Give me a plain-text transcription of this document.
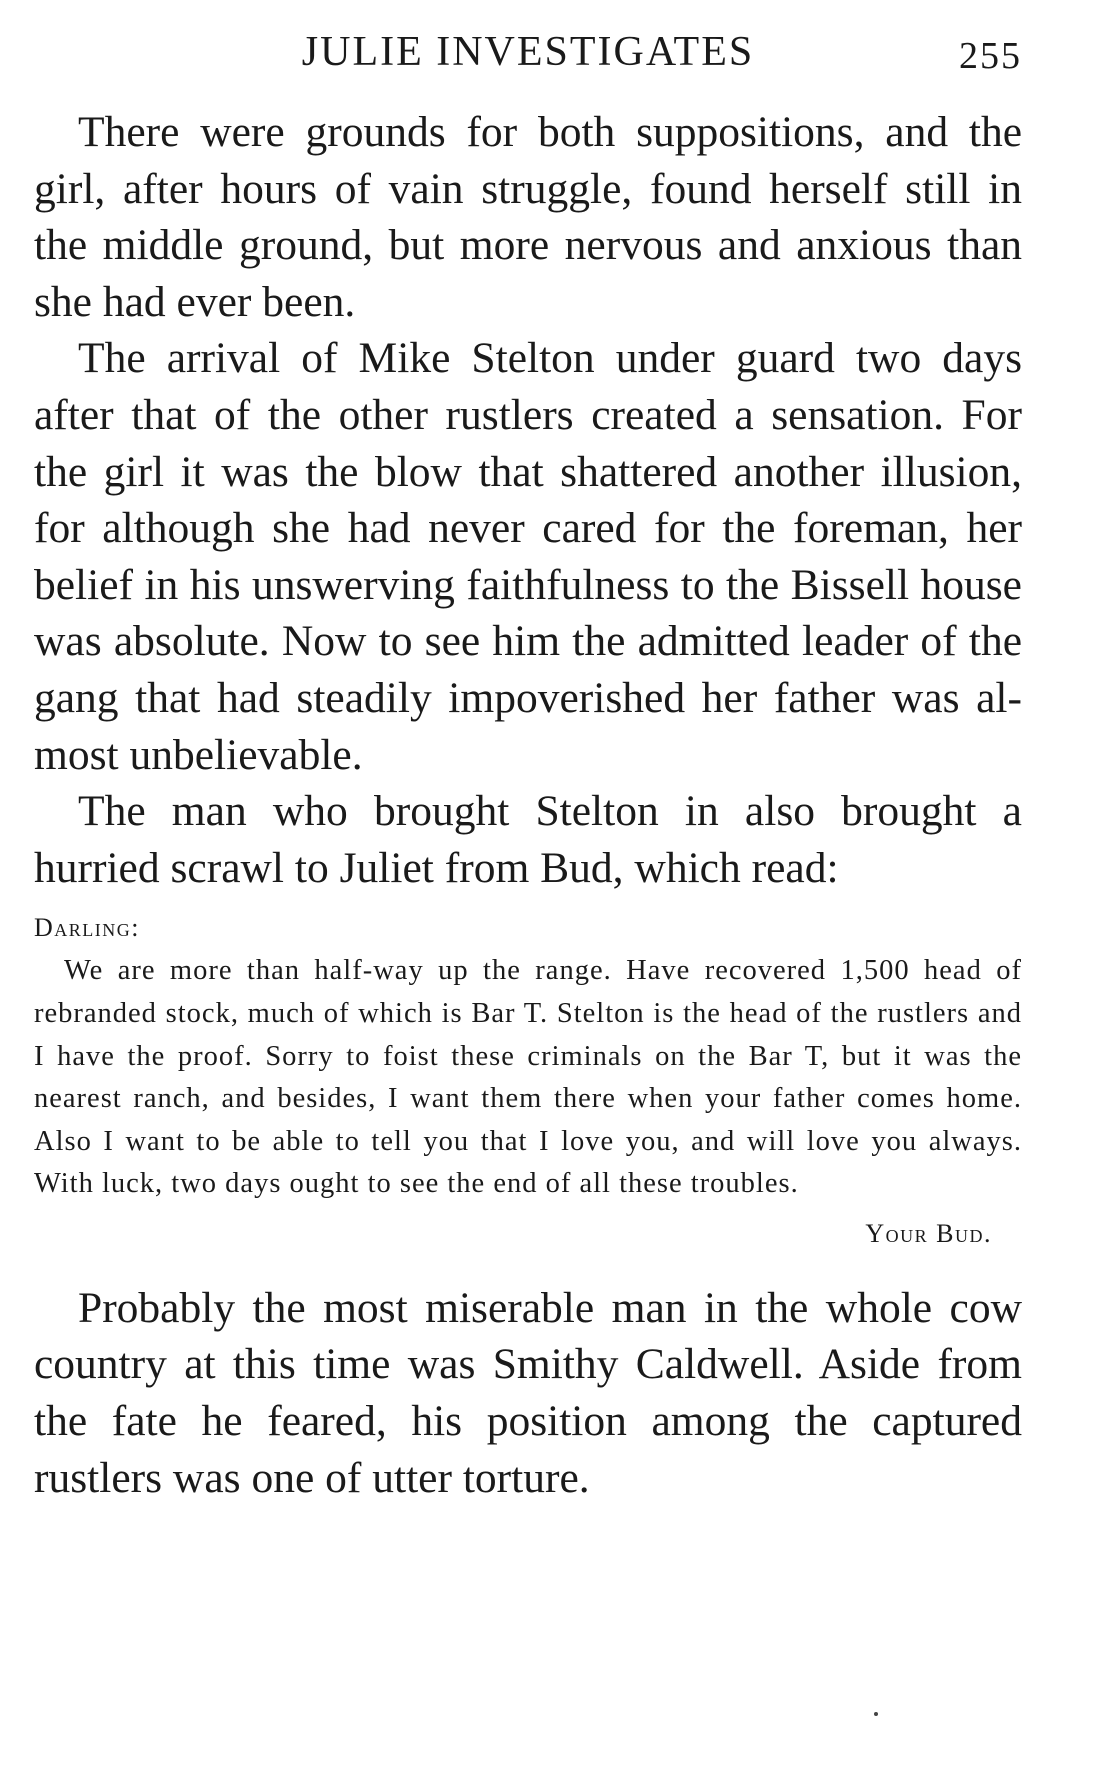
JULIE INVESTIGATES	255

There were grounds for both suppositions, and the girl, after hours of vain struggle, found herself still in the middle ground, but more nervous and anxious than she had ever been.

The arrival of Mike Stelton under guard two days after that of the other rustlers created a sensation. For the girl it was the blow that shattered another illusion, for although she had never cared for the foreman, her belief in his unswerving faithfulness to the Bissell house was absolute. Now to see him the admitted leader of the gang that had steadily impoverished her father was almost unbelievable.

The man who brought Stelton in also brought a hurried scrawl to Juliet from Bud, which read:

Darling:

We are more than half-way up the range. Have recovered 1,500 head of rebranded stock, much of which is Bar T. Stelton is the head of the rustlers and I have the proof. Sorry to foist these criminals on the Bar T, but it was the nearest ranch, and besides, I want them there when your father comes home. Also I want to be able to tell you that I love you, and will love you always. With luck, two days ought to see the end of all these troubles.

Your Bud.

Probably the most miserable man in the whole cow country at this time was Smithy Caldwell. Aside from the fate he feared, his position among the captured rustlers was one of utter torture.
